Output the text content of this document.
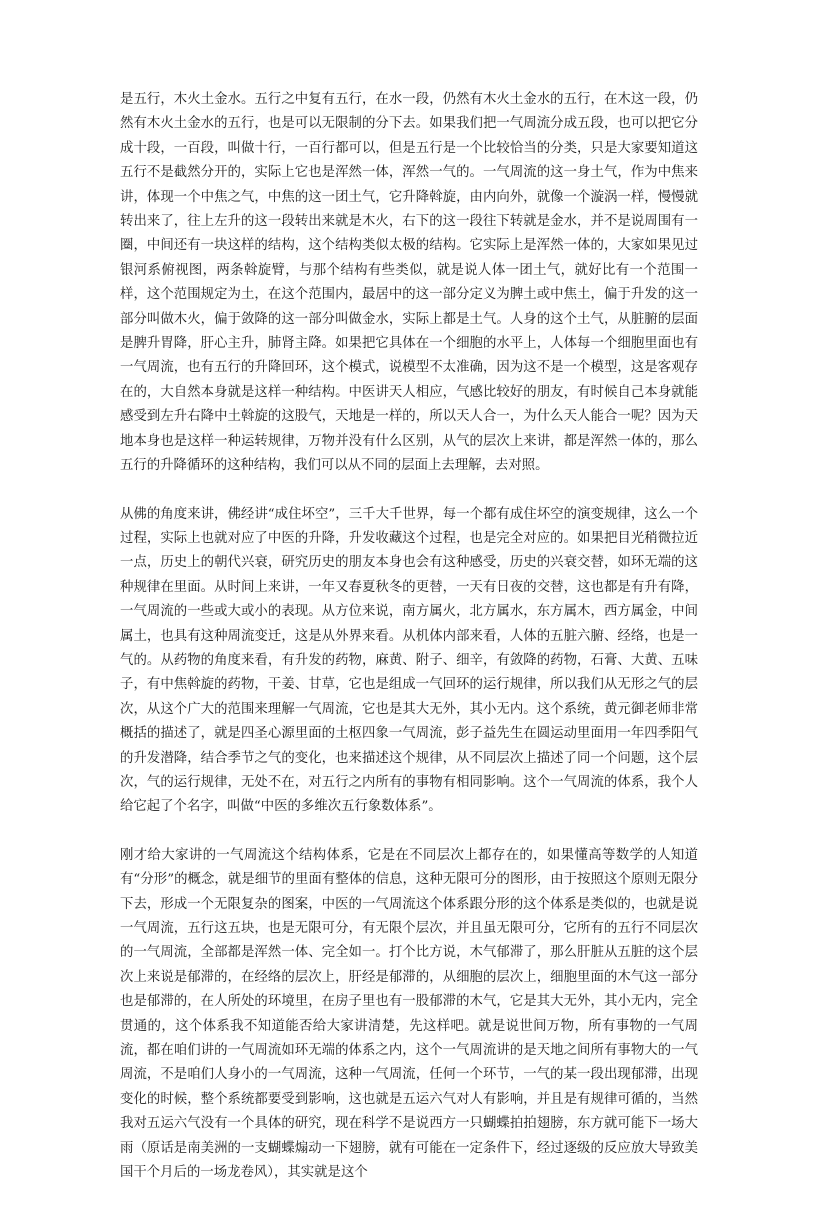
是五行，木火土金水。五行之中复有五行，在水一段，仍然有木火土金水的五行，在木这一段，仍然有木火土金水的五行，也是可以无限制的分下去。如果我们把一气周流分成五段，也可以把它分成十段，一百段，叫做十行，一百行都可以，但是五行是一个比较恰当的分类，只是大家要知道这五行不是截然分开的，实际上它也是浑然一体，浑然一气的。一气周流的这一身土气，作为中焦来讲，体现一个中焦之气，中焦的这一团土气，它升降斡旋，由内向外，就像一个漩涡一样，慢慢就转出来了，往上左升的这一段转出来就是木火，右下的这一段往下转就是金水，并不是说周围有一圈，中间还有一块这样的结构，这个结构类似太极的结构。它实际上是浑然一体的，大家如果见过银河系俯视图，两条斡旋臂，与那个结构有些类似，就是说人体一团土气，就好比有一个范围一样，这个范围规定为土，在这个范围内，最居中的这一部分定义为脾土或中焦土，偏于升发的这一部分叫做木火，偏于敛降的这一部分叫做金水，实际上都是土气。人身的这个土气，从脏腑的层面是脾升胃降，肝心主升，肺肾主降。如果把它具体在一个细胞的水平上，人体每一个细胞里面也有一气周流，也有五行的升降回环，这个模式，说模型不太准确，因为这不是一个模型，这是客观存在的，大自然本身就是这样一种结构。中医讲天人相应，气感比较好的朋友，有时候自己本身就能感受到左升右降中土斡旋的这股气，天地是一样的，所以天人合一，为什么天人能合一呢？因为天地本身也是这样一种运转规律，万物并没有什么区别，从气的层次上来讲，都是浑然一体的，那么五行的升降循环的这种结构，我们可以从不同的层面上去理解，去对照。

从佛的角度来讲，佛经讲“成住坏空”，三千大千世界，每一个都有成住坏空的演变规律，这么一个过程，实际上也就对应了中医的升降，升发收藏这个过程，也是完全对应的。如果把目光稍微拉近一点，历史上的朝代兴衰，研究历史的朋友本身也会有这种感受，历史的兴衰交替，如环无端的这种规律在里面。从时间上来讲，一年又春夏秋冬的更替，一天有日夜的交替，这也都是有升有降，一气周流的一些或大或小的表现。从方位来说，南方属火，北方属水，东方属木，西方属金，中间属土，也具有这种周流变迁，这是从外界来看。从机体内部来看，人体的五脏六腑、经络，也是一气的。从药物的角度来看，有升发的药物，麻黄、附子、细辛，有敛降的药物，石膏、大黄、五味子，有中焦斡旋的药物，干姜、甘草，它也是组成一气回环的运行规律，所以我们从无形之气的层次，从这个广大的范围来理解一气周流，它也是其大无外，其小无内。这个系统，黄元御老师非常概括的描述了，就是四圣心源里面的土枢四象一气周流，彭子益先生在圆运动里面用一年四季阳气的升发潜降，结合季节之气的变化，也来描述这个规律，从不同层次上描述了同一个问题，这个层次，气的运行规律，无处不在，对五行之内所有的事物有相同影响。这个一气周流的体系，我个人给它起了个名字，叫做“中医的多维次五行象数体系”。

刚才给大家讲的一气周流这个结构体系，它是在不同层次上都存在的，如果懂高等数学的人知道有“分形”的概念，就是细节的里面有整体的信息，这种无限可分的图形，由于按照这个原则无限分下去，形成一个无限复杂的图案，中医的一气周流这个体系跟分形的这个体系是类似的，也就是说一气周流，五行这五块，也是无限可分，有无限个层次，并且虽无限可分，它所有的五行不同层次的一气周流，全部都是浑然一体、完全如一。打个比方说，木气郁滞了，那么肝脏从五脏的这个层次上来说是郁滞的，在经络的层次上，肝经是郁滞的，从细胞的层次上，细胞里面的木气这一部分也是郁滞的，在人所处的环境里，在房子里也有一股郁滞的木气，它是其大无外，其小无内，完全贯通的，这个体系我不知道能否给大家讲清楚，先这样吧。就是说世间万物，所有事物的一气周流，都在咱们讲的一气周流如环无端的体系之内，这个一气周流讲的是天地之间所有事物大的一气周流，不是咱们人身小的一气周流，这种一气周流，任何一个环节，一气的某一段出现郁滞，出现变化的时候，整个系统都要受到影响，这也就是五运六气对人有影响，并且是有规律可循的，当然我对五运六气没有一个具体的研究，现在科学不是说西方一只蝴蝶拍拍翅膀，东方就可能下一场大雨（原话是南美洲的一支蝴蝶煽动一下翅膀，就有可能在一定条件下，经过逐级的反应放大导致美国干个月后的一场龙卷风），其实就是这个
